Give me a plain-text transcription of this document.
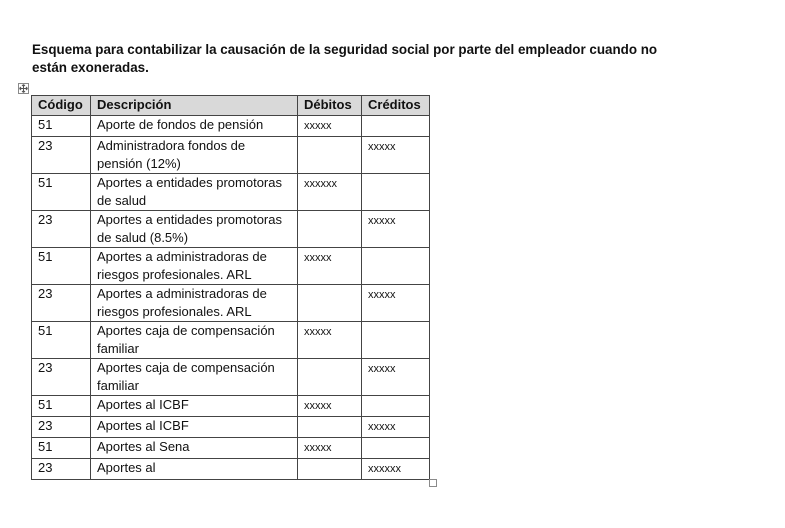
Esquema para contabilizar la causación de la seguridad social por parte del empleador cuando no están exoneradas.
Código	Descripción	Débitos	Créditos
51	Aporte de fondos de pensión	xxxxx	
23	Administradora fondos de pensión (12%)		xxxxx
51	Aportes a entidades promotoras de salud	xxxxxx	
23	Aportes a entidades promotoras de salud (8.5%)		xxxxx
51	Aportes a administradoras de riesgos profesionales. ARL	xxxxx	
23	Aportes a administradoras de riesgos profesionales. ARL		xxxxx
51	Aportes caja de compensación familiar	xxxxx	
23	Aportes caja de compensación familiar		xxxxx
51	Aportes al ICBF	xxxxx	
23	Aportes al ICBF		xxxxx
51	Aportes al Sena	xxxxx	
23	Aportes al		xxxxxx
